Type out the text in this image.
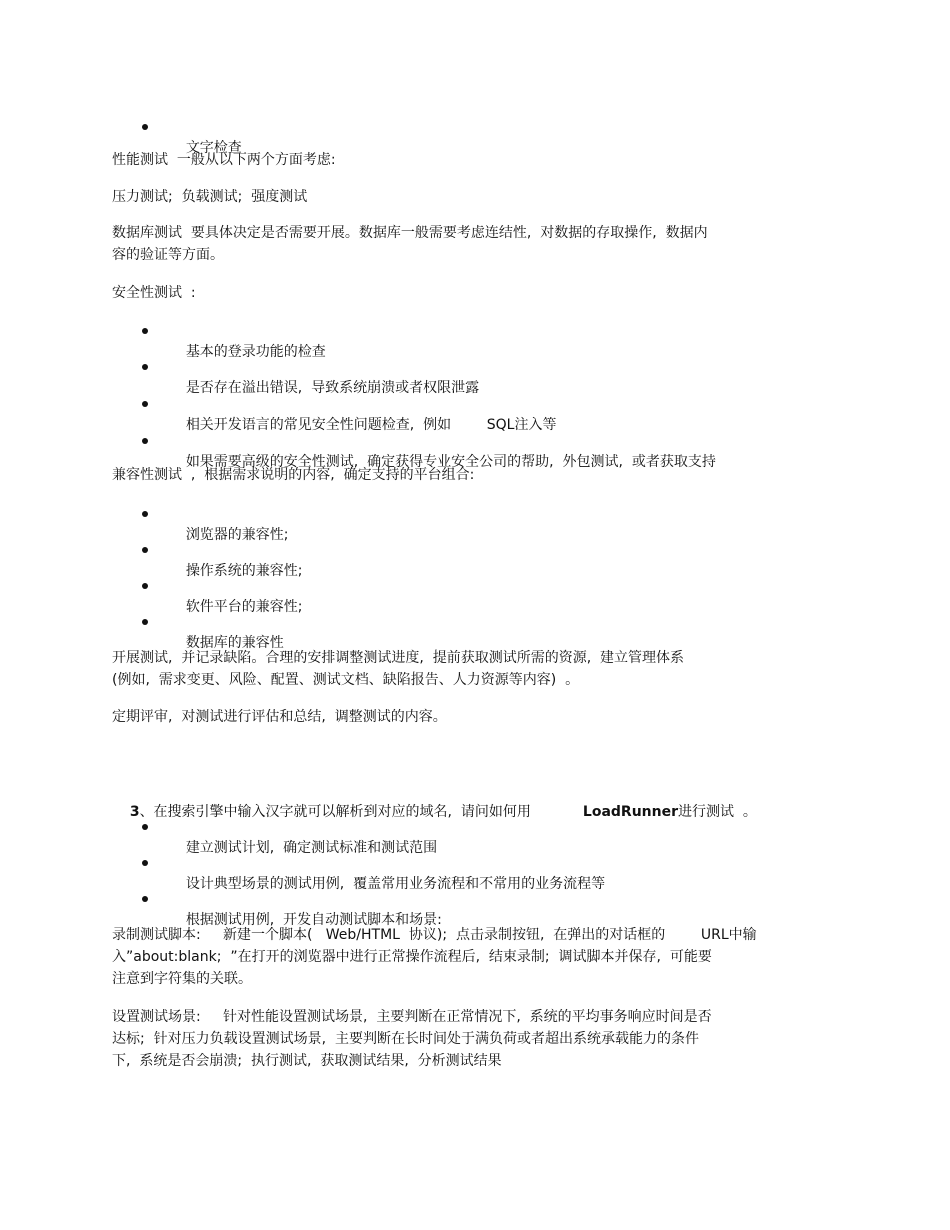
文字检查

性能测试  一般从以下两个方面考虑:

压力测试;  负载测试;  强度测试

数据库测试  要具体决定是否需要开展。数据库一般需要考虑连结性,  对数据的存取操作,  数据内
容的验证等方面。

安全性测试  :

基本的登录功能的检查

是否存在溢出错误,  导致系统崩溃或者权限泄露

相关开发语言的常见安全性问题检查,  例如        SQL注入等

如果需要高级的安全性测试,  确定获得专业安全公司的帮助,  外包测试,  或者获取支持

兼容性测试  ,  根据需求说明的内容,  确定支持的平台组合:

浏览器的兼容性;

操作系统的兼容性;

软件平台的兼容性;

数据库的兼容性

开展测试,  并记录缺陷。合理的安排调整测试进度,  提前获取测试所需的资源,  建立管理体系
(例如,  需求变更、风险、配置、测试文档、缺陷报告、人力资源等内容)  。

定期评审,  对测试进行评估和总结,  调整测试的内容。

3、在搜索引擎中输入汉字就可以解析到对应的域名,  请问如何用	LoadRunner进行测试  。

建立测试计划,  确定测试标准和测试范围

设计典型场景的测试用例,  覆盖常用业务流程和不常用的业务流程等

根据测试用例,  开发自动测试脚本和场景:

录制测试脚本:     新建一个脚本(   Web/HTML  协议);  点击录制按钮,  在弹出的对话框的        URL中输
入”about:blank;  ”在打开的浏览器中进行正常操作流程后,  结束录制;  调试脚本并保存,  可能要
注意到字符集的关联。

设置测试场景:     针对性能设置测试场景,  主要判断在正常情况下,  系统的平均事务响应时间是否
达标;  针对压力负载设置测试场景,  主要判断在长时间处于满负荷或者超出系统承载能力的条件
下,  系统是否会崩溃;  执行测试,  获取测试结果,  分析测试结果
